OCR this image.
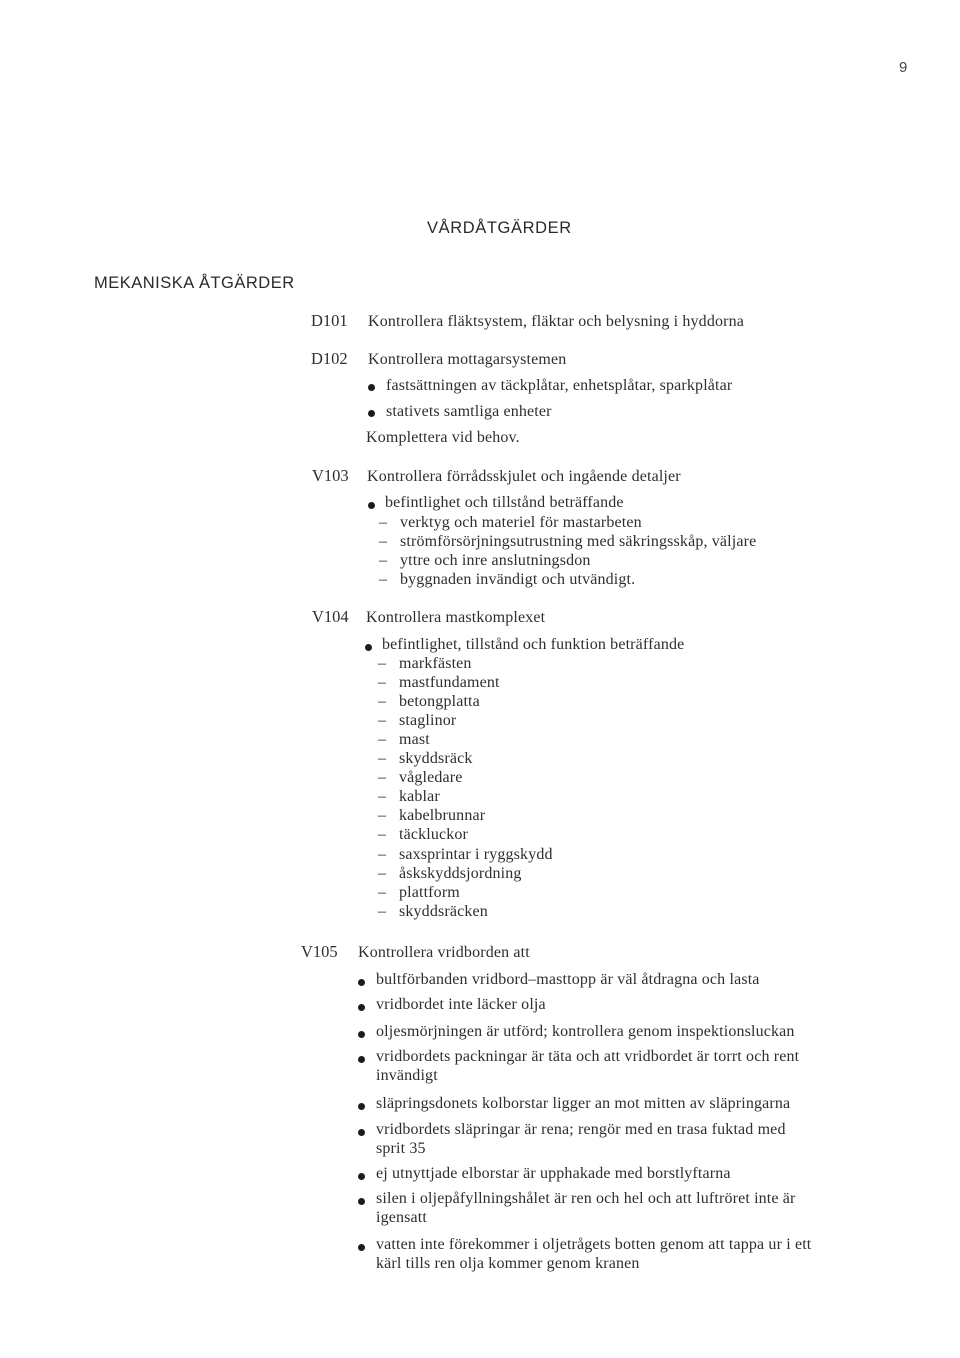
9
VÅRDÅTGÄRDER
MEKANISKA ÅTGÄRDER
D101 Kontrollera fläktsystem, fläktar och belysning i hyddorna
D102 Kontrollera mottagarsystemen
fastsättningen av täckplåtar, enhetsplåtar, sparkplåtar
stativets samtliga enheter
Komplettera vid behov.
V103 Kontrollera förrådsskjulet och ingående detaljer
befintlighet och tillstånd beträffande
– verktyg och materiel för mastarbeten
– strömförsörjningsutrustning med säkringsskåp, väljare
– yttre och inre anslutningsdon
– byggnaden invändigt och utvändigt.
V104 Kontrollera mastkomplexet
befintlighet, tillstånd och funktion beträffande
– markfästen
– mastfundament
– betongplatta
– staglinor
– mast
– skyddsräck
– vågledare
– kablar
– kabelbrunnar
– täckluckor
– saxsprintar i ryggskydd
– åskskyddsjordning
– plattform
– skyddsräcken
V105 Kontrollera vridborden att
bultförbanden vridbord–masttopp är väl åtdragna och lasta
vridbordet inte läcker olja
oljesmörjningen är utförd; kontrollera genom inspektionsluckan
vridbordets packningar är täta och att vridbordet är torrt och rent
invändigt
släpringsdonets kolborstar ligger an mot mitten av släpringarna
vridbordets släpringar är rena; rengör med en trasa fuktad med
sprit 35
ej utnyttjade elborstar är upphakade med borstlyftarna
silen i oljepåfyllningshålet är ren och hel och att luftröret inte är
igensatt
vatten inte förekommer i oljetrågets botten genom att tappa ur i ett
kärl tills ren olja kommer genom kranen
